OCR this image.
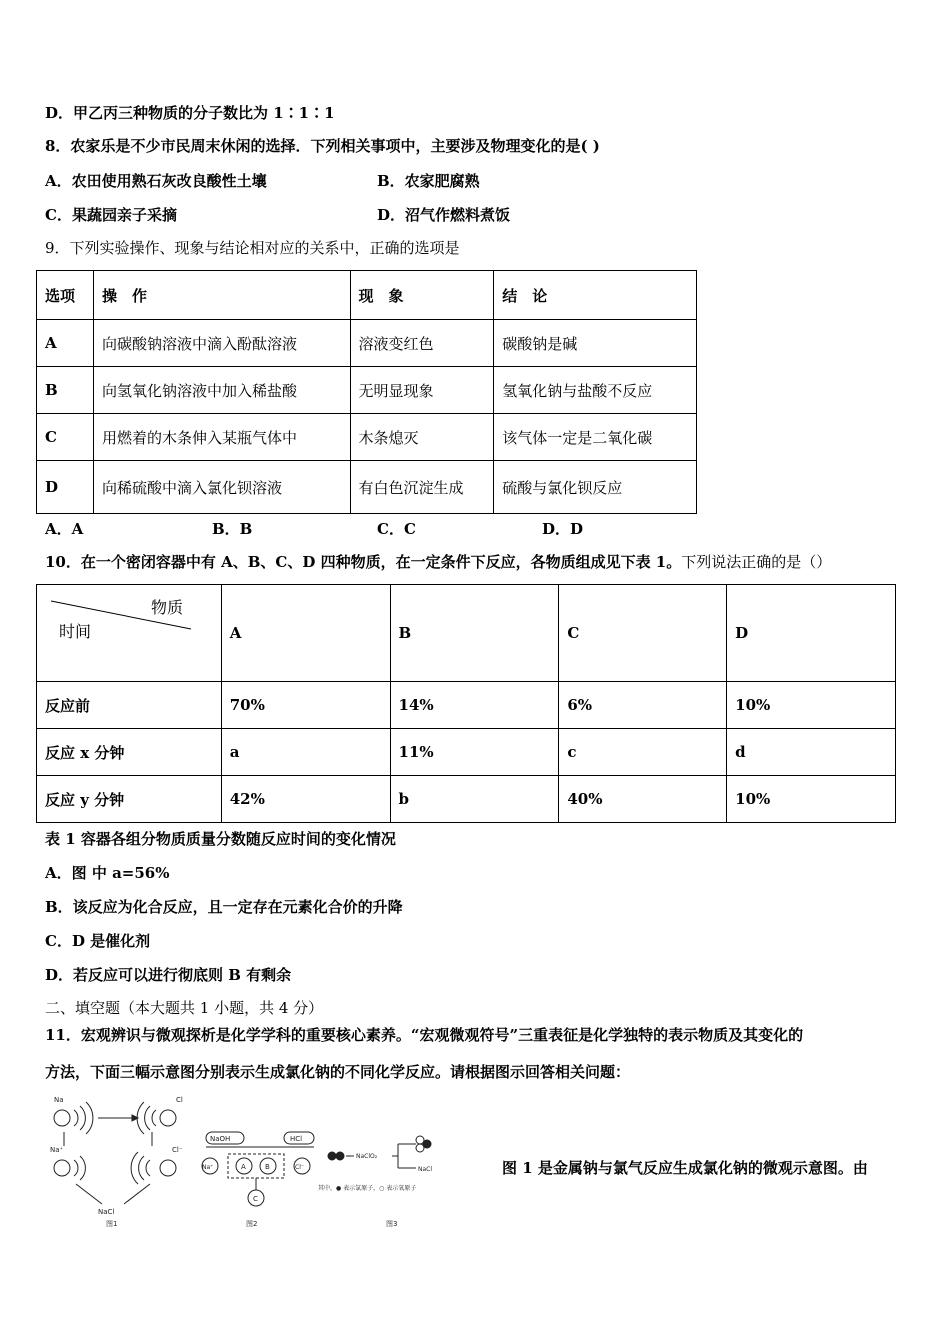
D．甲乙丙三种物质的分子数比为 1∶1∶1
8．农家乐是不少市民周末休闲的选择．下列相关事项中，主要涉及物理变化的是( )
A．农田使用熟石灰改良酸性土壤	B．农家肥腐熟
C．果蔬园亲子采摘	D．沼气作燃料煮饭
9．下列实验操作、现象与结论相对应的关系中，正确的选项是
选项	操　作	现　象	结　论
A	向碳酸钠溶液中滴入酚酞溶液	溶液变红色	碳酸钠是碱
B	向氢氧化钠溶液中加入稀盐酸	无明显现象	氢氧化钠与盐酸不反应
C	用燃着的木条伸入某瓶气体中	木条熄灭	该气体一定是二氧化碳
D	向稀硫酸中滴入氯化钡溶液	有白色沉淀生成	硫酸与氯化钡反应
A．A	B．B	C．C	D．D
10．在一个密闭容器中有 A、B、C、D 四种物质，在一定条件下反应，各物质组成见下表 1。下列说法正确的是（）
物质
时间	A	B	C	D
反应前	70%	14%	6%	10%
反应 x 分钟	a	11%	c	d
反应 y 分钟	42%	b	40%	10%
表 1 容器各组分物质质量分数随反应时间的变化情况
A．图 中 a=56%
B．该反应为化合反应，且一定存在元素化合价的升降
C．D 是催化剂
D．若反应可以进行彻底则 B 有剩余
二、填空题（本大题共 1 小题，共 4 分）
11．宏观辨识与微观探析是化学学科的重要核心素养。“宏观微观符号”三重表征是化学独特的表示物质及其变化的
方法，下面三幅示意图分别表示生成氯化钠的不同化学反应。请根据图示回答相关问题：
Na	Cl
Na⁺	Cl⁻
NaCl
图1
NaOH	HCl
Na⁺	A	B	Cl⁻
C
图2
NaClO₂
NaCl
其中，● 表示氯原子，○ 表示氧原子
图3
图 1 是金属钠与氯气反应生成氯化钠的微观示意图。由
